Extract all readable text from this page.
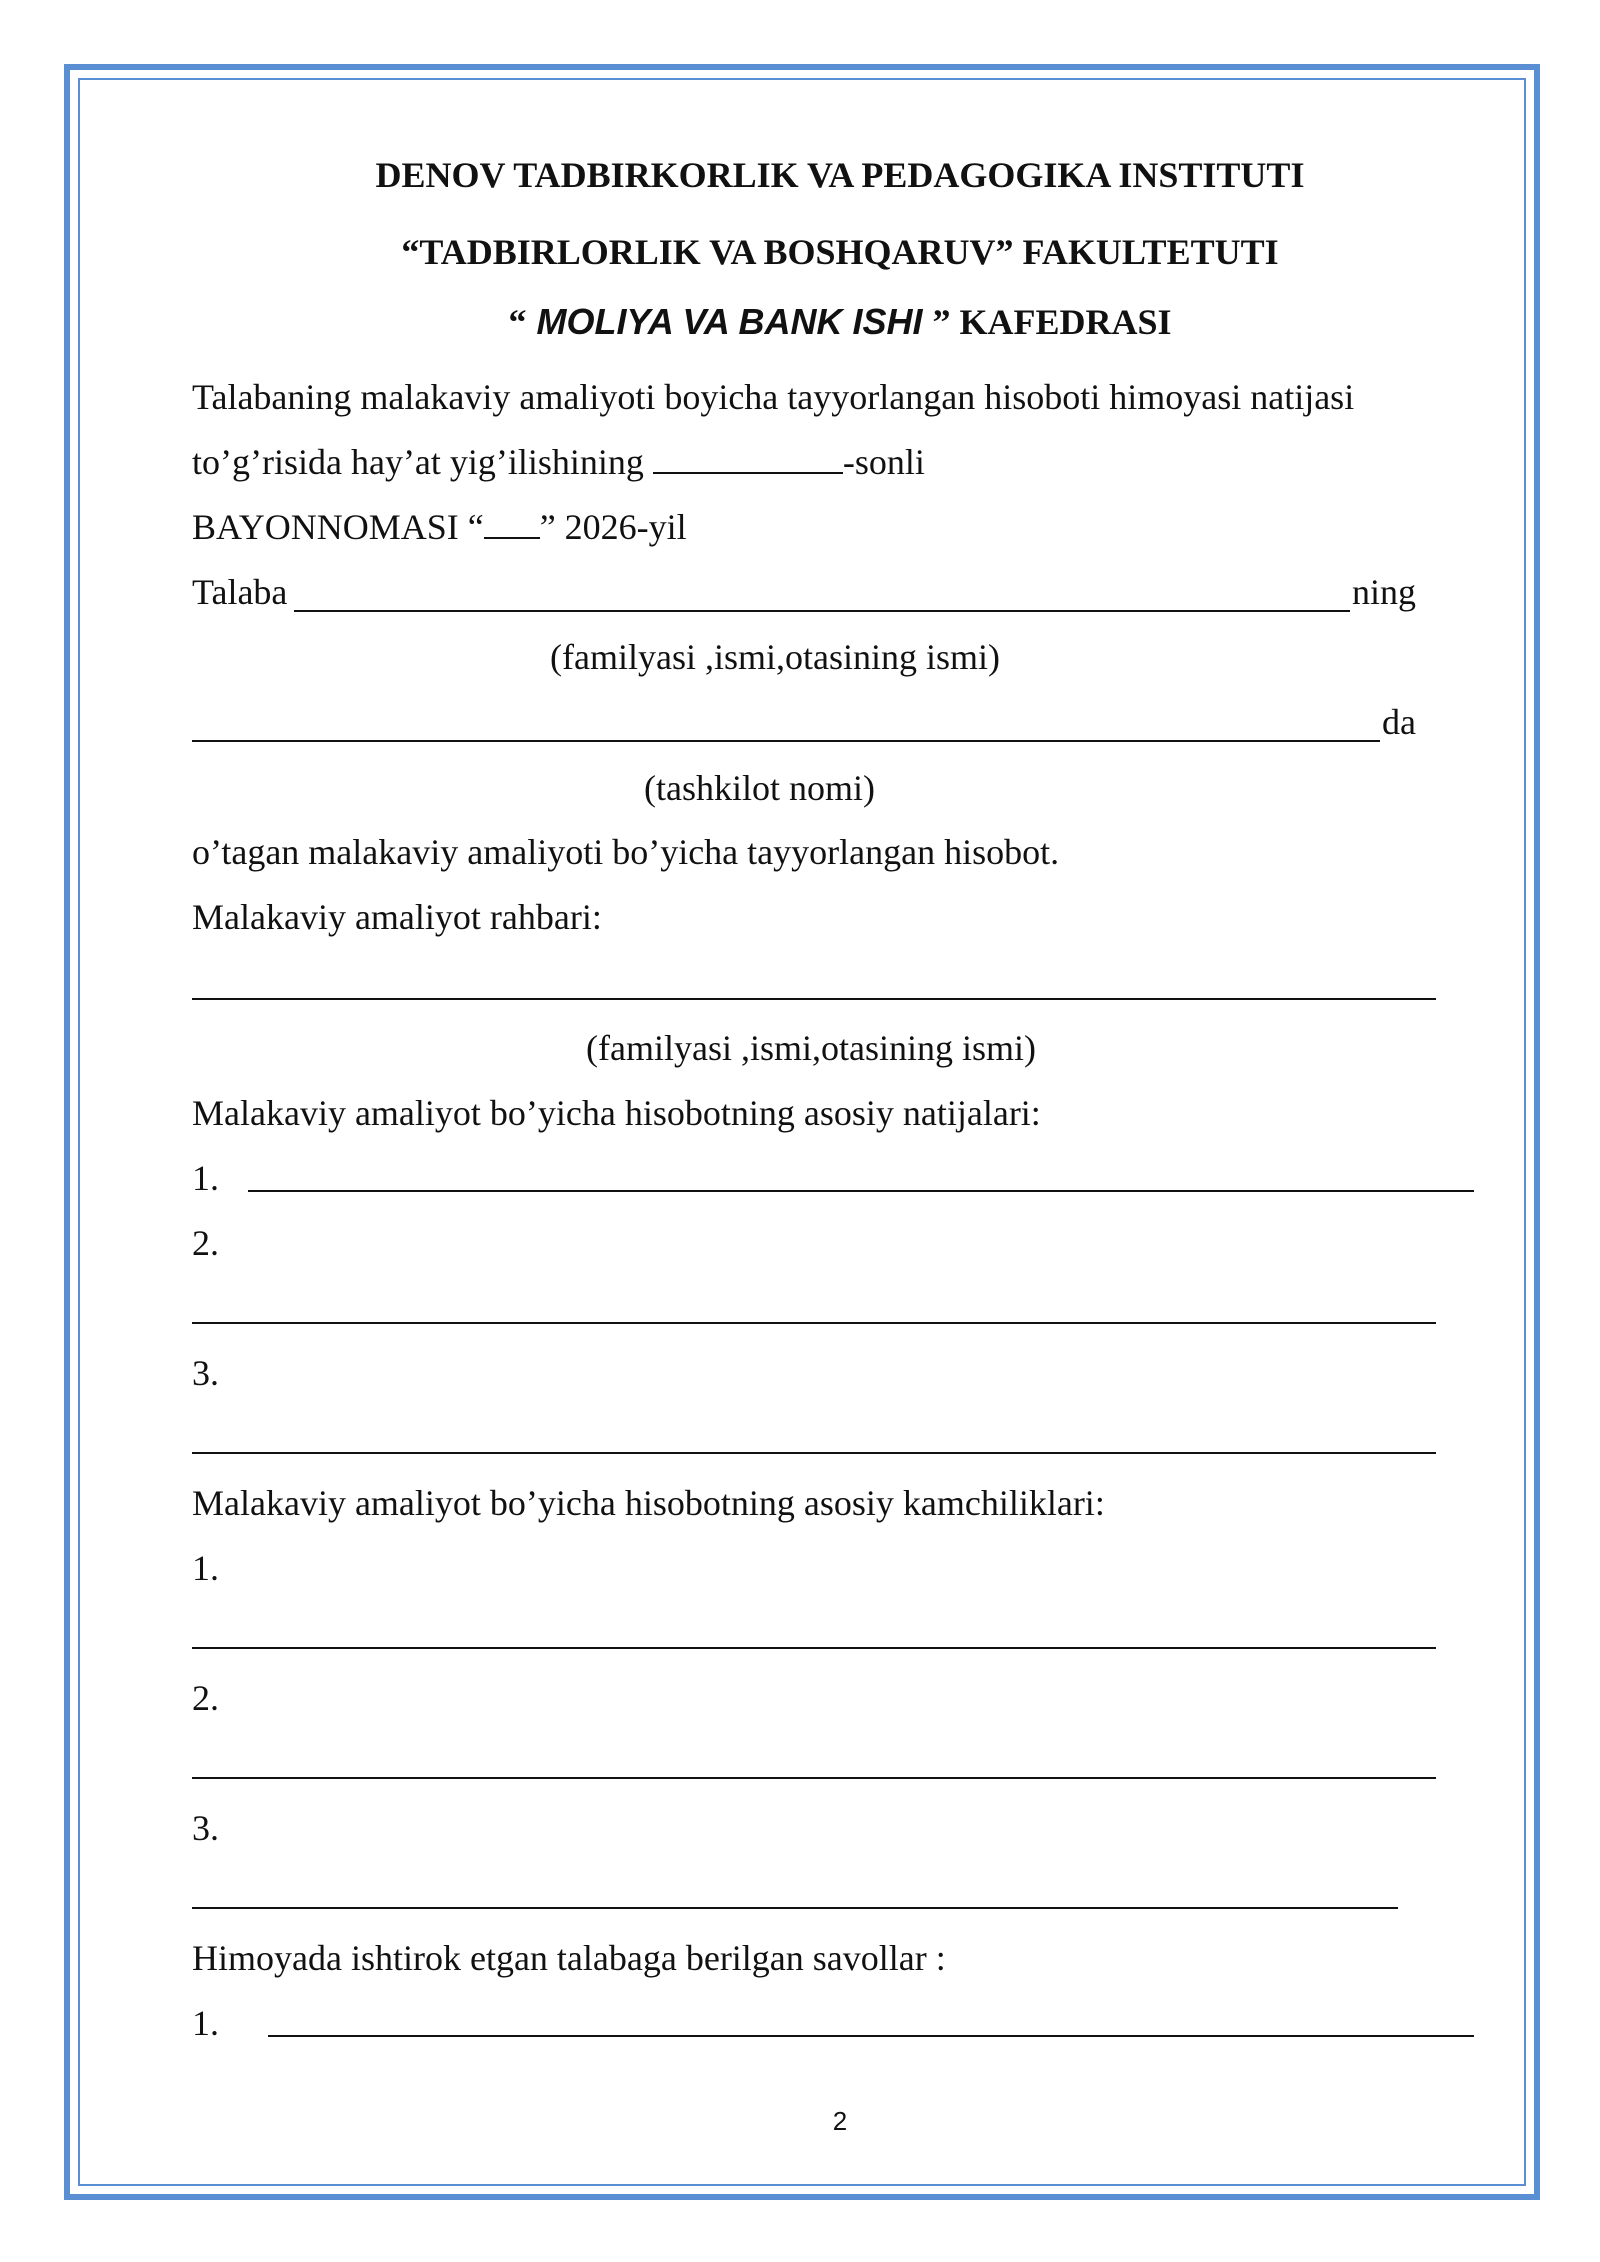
DENOV TADBIRKORLIK VA PEDAGOGIKA INSTITUTI
“TADBIRLORLIK VA BOSHQARUV” FAKULTETUTI
“ MOLIYA VA BANK ISHI ” KAFEDRASI
Talabaning malakaviy amaliyoti boyicha tayyorlangan hisoboti himoyasi natijasi
to’g’risida hay’at yig’ilishining	-sonli
BAYONNOMASI “ ” 2026-yil
Talaba	ning
(familyasi ,ismi,otasining ismi)
da
(tashkilot nomi)
o’tagan malakaviy amaliyoti bo’yicha tayyorlangan hisobot.
Malakaviy amaliyot rahbari:
(familyasi ,ismi,otasining ismi)
Malakaviy amaliyot bo’yicha hisobotning asosiy natijalari:
1.
2.
3.
Malakaviy amaliyot bo’yicha hisobotning asosiy kamchiliklari:
1.
2.
3.
Himoyada ishtirok etgan talabaga berilgan savollar :
1.
2
